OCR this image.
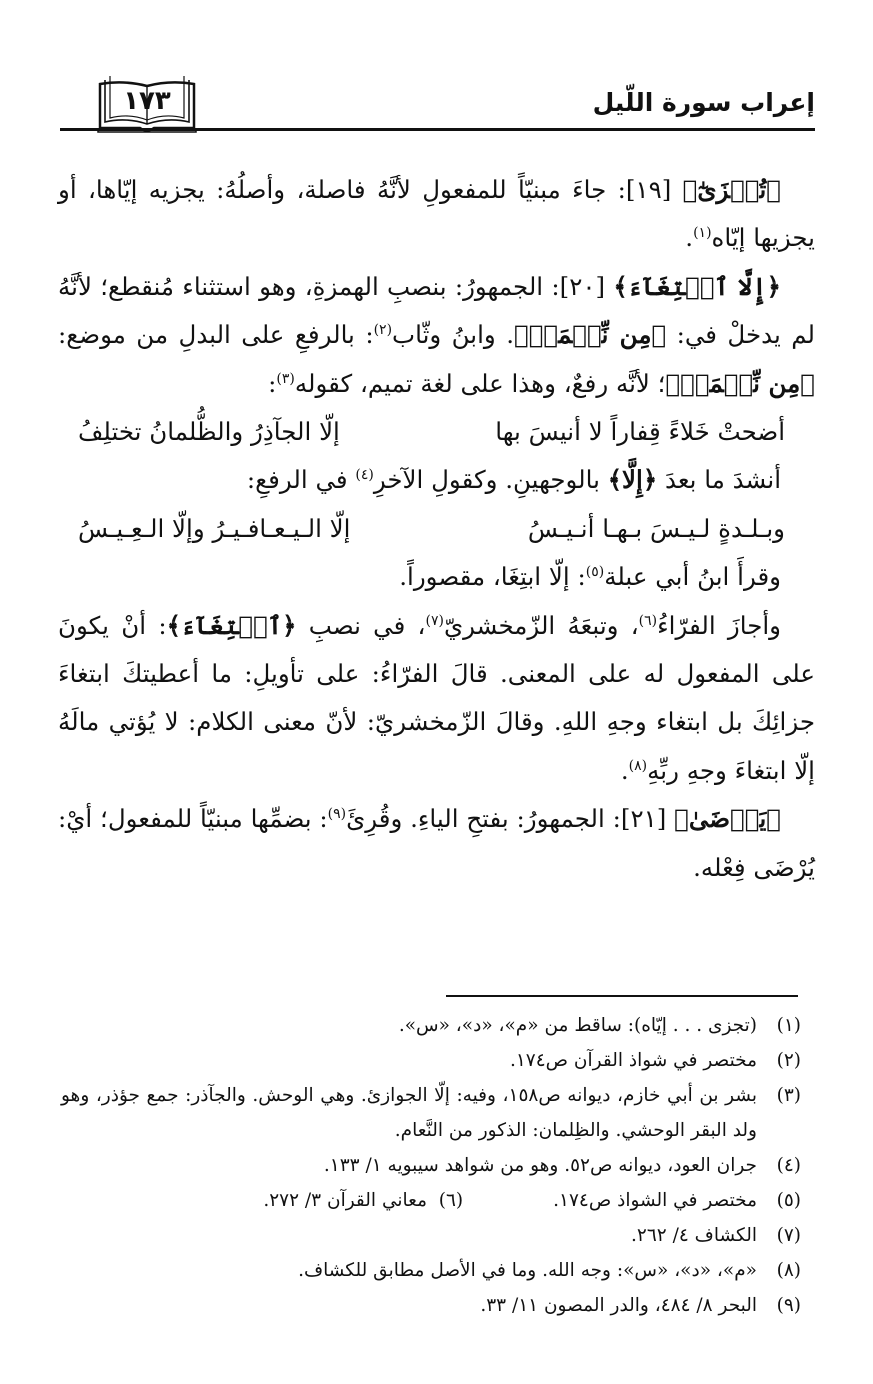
إعراب سورة اللّيل
١٧٣

﴿تُجۡزَىٰٓ﴾ [١٩]: جاءَ مبنيّاً للمفعولِ لأنَّهُ فاصلة، وأصلُهُ: يجزيه إيّاها، أو يجزيها إيّاه$^{(١)}$.

﴿إِلَّا ٱبۡتِغَآءَ﴾ [٢٠]: الجمهورُ: بنصبِ الهمزةِ، وهو استثناء مُنقطع؛ لأنَّهُ لم يدخلْ في: ﴿مِن نِّعۡمَةٖ﴾. وابنُ وثّاب$^{(٢)}$: بالرفعِ على البدلِ من موضع: ﴿مِن نِّعۡمَةٖ﴾؛ لأنَّه رفعٌ، وهذا على لغة تميم، كقوله$^{(٣)}$:

أضحتْ خَلاءً قِفاراً لا أنيسَ بها
إلّا الجآذِرُ والظُّلمانُ تختلِفُ

أنشدَ ما بعدَ ﴿إِلَّا﴾ بالوجهينِ. وكقولِ الآخرِ$^{(٤)}$ في الرفعِ:

وبـلـدةٍ لـيـسَ بـهـا أنـيـسُ
إلّا الـيـعـافـيـرُ وإلّا الـعِـيـسُ

وقرأَ ابنُ أبي عبلة$^{(٥)}$: إلّا ابتِغَا، مقصوراً.

وأجازَ الفرّاءُ$^{(٦)}$، وتبعَهُ الزّمخشريّ$^{(٧)}$، في نصبِ ﴿ٱبۡتِغَآءَ﴾: أنْ يكونَ على المفعول له على المعنى. قالَ الفرّاءُ: على تأويلِ: ما أعطيتكَ ابتغاءَ جزائِكَ بل ابتغاء وجهِ اللهِ. وقالَ الزّمخشريّ: لأنّ معنى الكلام: لا يُؤتي مالَهُ إلّا ابتغاءَ وجهِ ربِّهِ$^{(٨)}$.

﴿يَرۡضَىٰ﴾ [٢١]: الجمهورُ: بفتحِ الياءِ. وقُرِئَ$^{(٩)}$: بضمِّها مبنيّاً للمفعول؛ أيْ: يُرْضَى فِعْله.

(١)
(تجزى . . . إيّاه): ساقط من «م»، «د»، «س».

(٢)
مختصر في شواذ القرآن ص١٧٤.

(٣)
بشر بن أبي خازم، ديوانه ص١٥٨، وفيه: إلّا الجوازئ. وهي الوحش. والجآذر: جمع جؤذر، وهو ولد البقر الوحشي. والظِلمان: الذكور من النَّعام.

(٤)
جران العود، ديوانه ص٥٢. وهو من شواهد سيبويه ١/ ١٣٣.

(٥)
مختصر في الشواذ ص١٧٤.(٦)  معاني القرآن ٣/ ٢٧٢.

(٧)
الكشاف ٤/ ٢٦٢.

(٨)
«م»، «د»، «س»: وجه الله. وما في الأصل مطابق للكشاف.

(٩)
البحر ٨/ ٤٨٤، والدر المصون ١١/ ٣٣.
